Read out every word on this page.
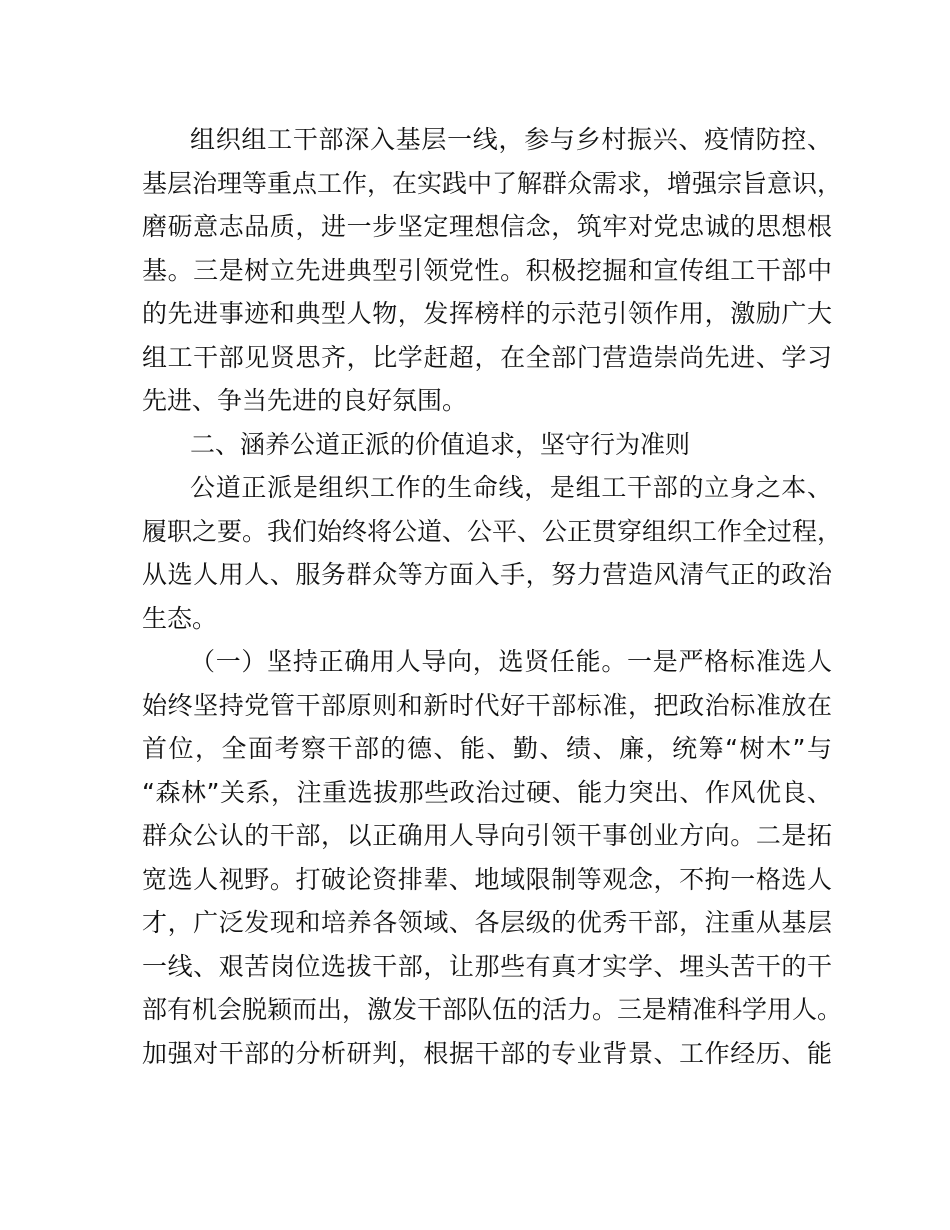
组织组工干部深入基层一线，参与乡村振兴、疫情防控、
基层治理等重点工作，在实践中了解群众需求，增强宗旨意识，
磨砺意志品质，进一步坚定理想信念，筑牢对党忠诚的思想根
基。三是树立先进典型引领党性。积极挖掘和宣传组工干部中
的先进事迹和典型人物，发挥榜样的示范引领作用，激励广大
组工干部见贤思齐，比学赶超，在全部门营造崇尚先进、学习
先进、争当先进的良好氛围。
二、涵养公道正派的价值追求，坚守行为准则
公道正派是组织工作的生命线，是组工干部的立身之本、
履职之要。我们始终将公道、公平、公正贯穿组织工作全过程，
从选人用人、服务群众等方面入手，努力营造风清气正的政治
生态。
（一）坚持正确用人导向，选贤任能。一是严格标准选人
始终坚持党管干部原则和新时代好干部标准，把政治标准放在
首位，全面考察干部的德、能、勤、绩、廉，统筹“树木”与
“森林”关系，注重选拔那些政治过硬、能力突出、作风优良、
群众公认的干部，以正确用人导向引领干事创业方向。二是拓
宽选人视野。打破论资排辈、地域限制等观念，不拘一格选人
才，广泛发现和培养各领域、各层级的优秀干部，注重从基层
一线、艰苦岗位选拔干部，让那些有真才实学、埋头苦干的干
部有机会脱颖而出，激发干部队伍的活力。三是精准科学用人。
加强对干部的分析研判，根据干部的专业背景、工作经历、能
